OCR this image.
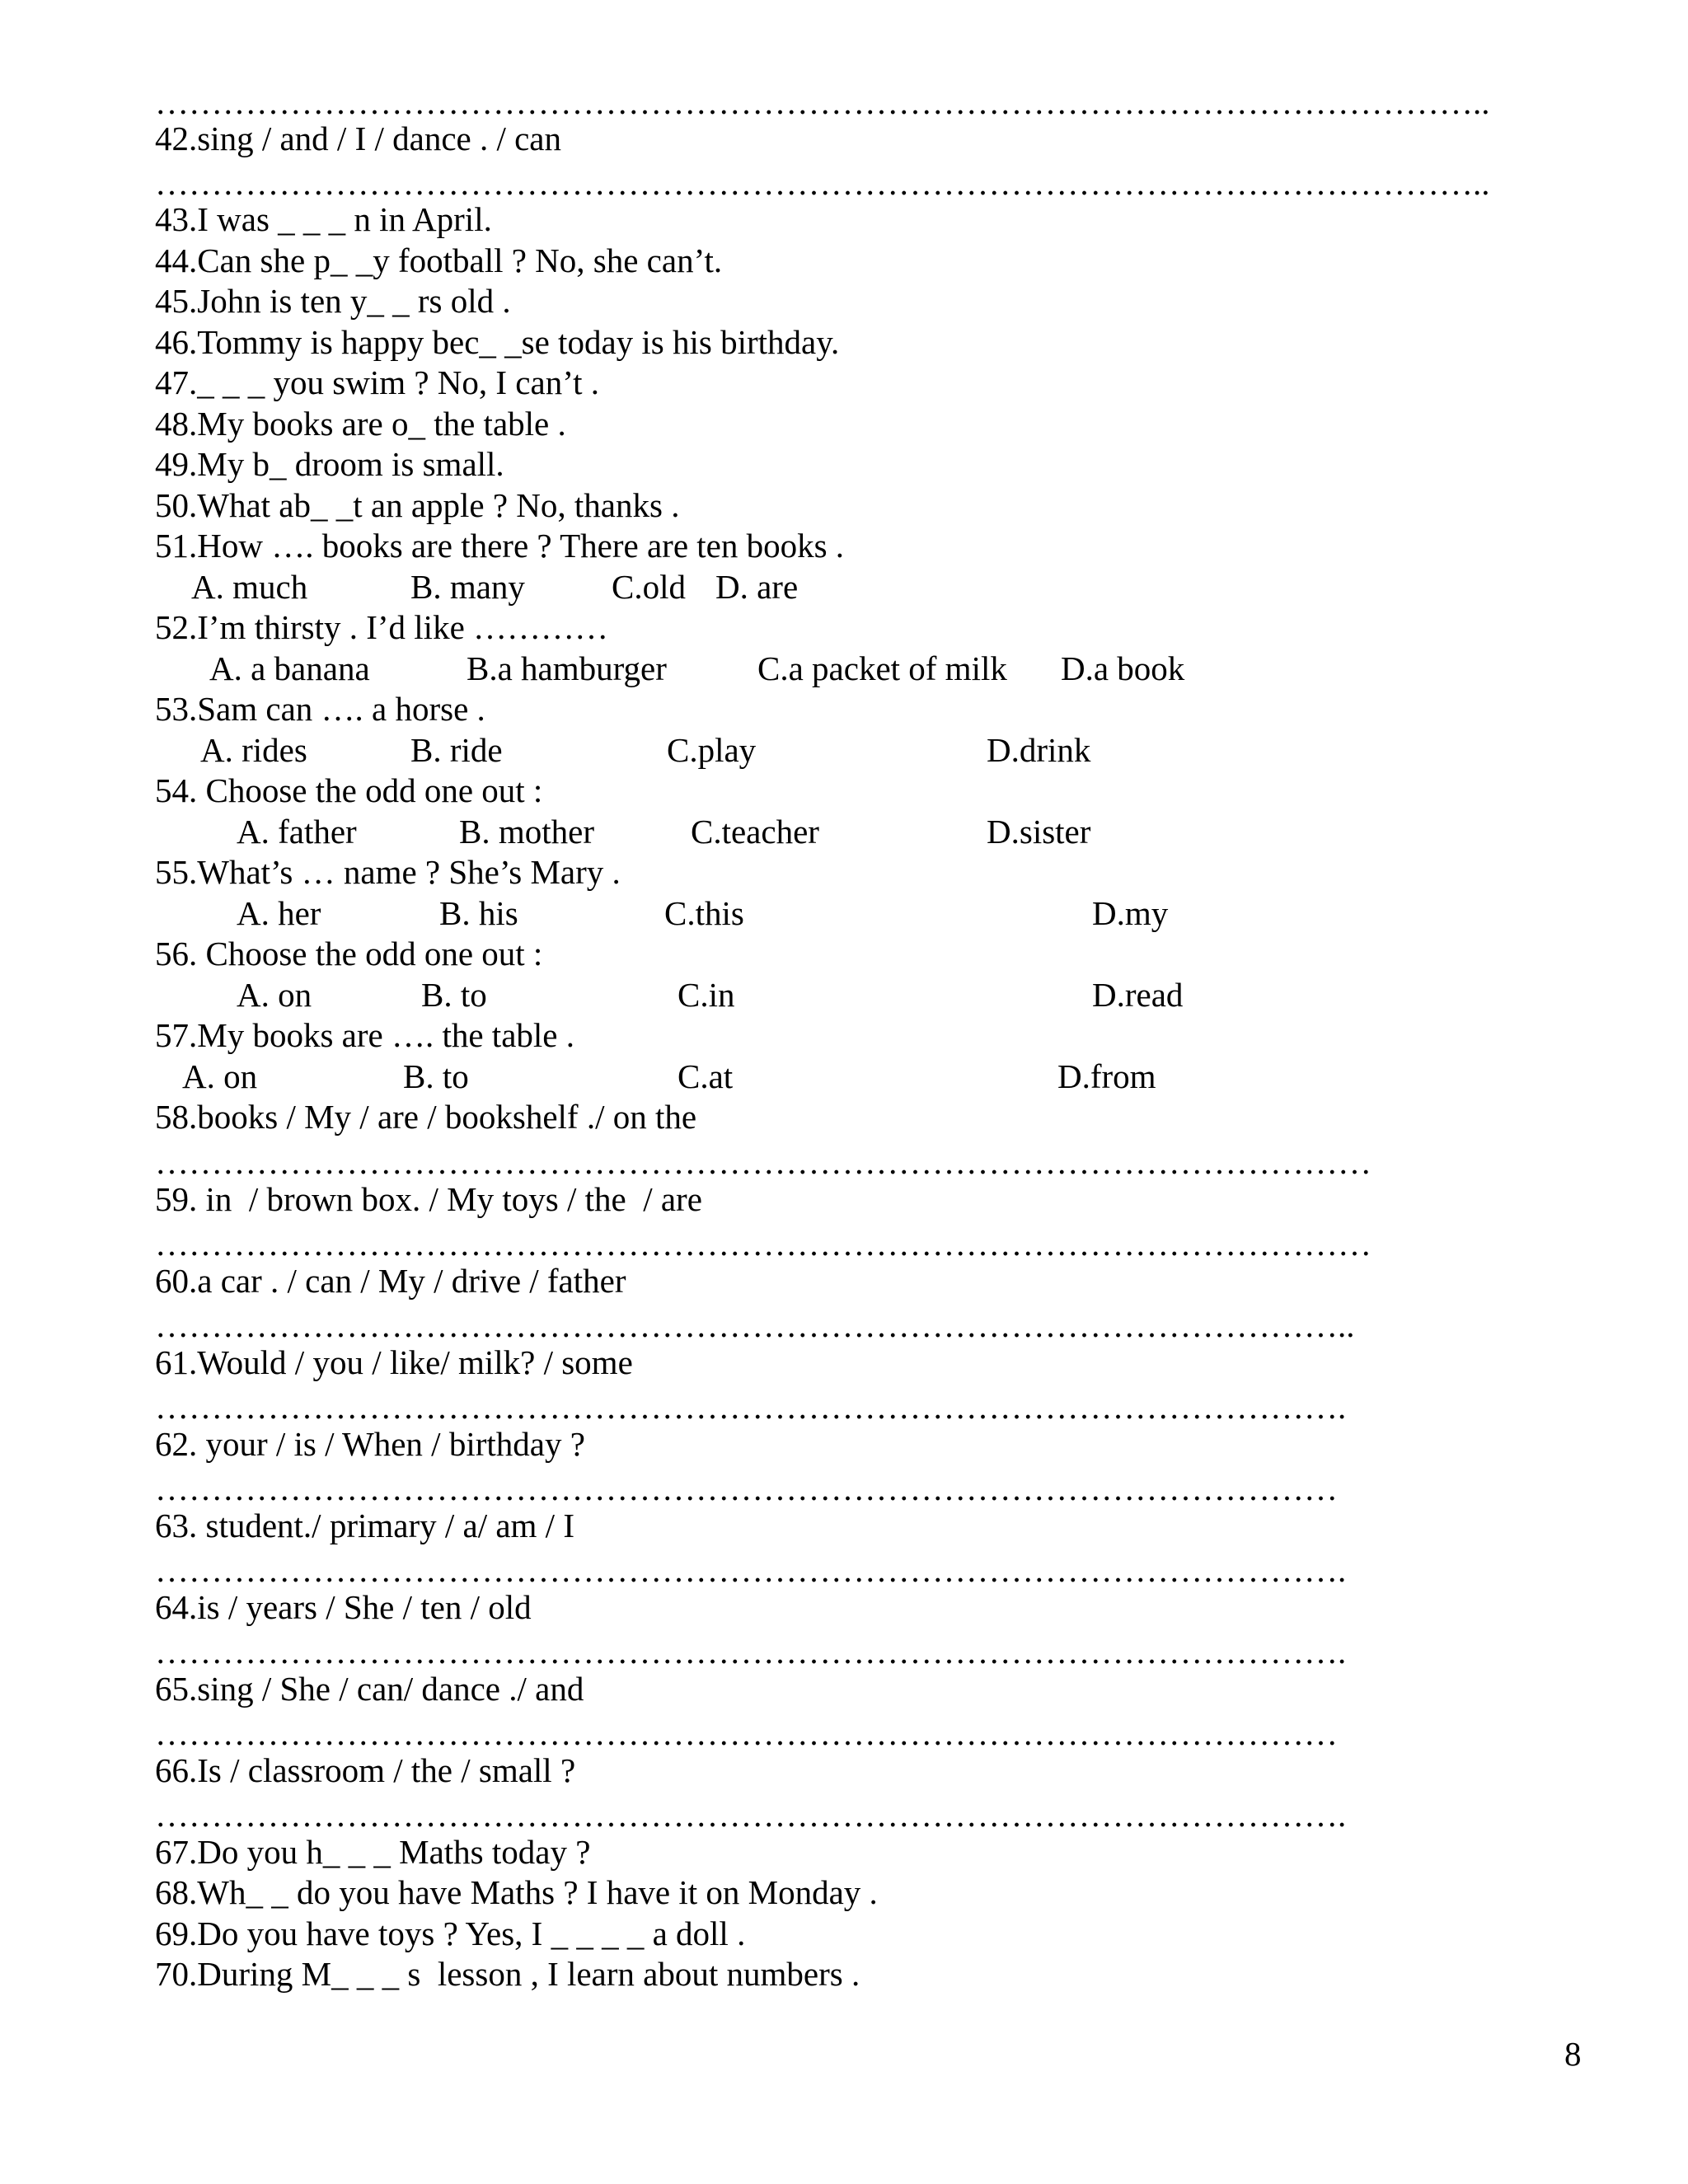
………………………………………………………………………………………………………..
42.sing / and / I / dance . / can
………………………………………………………………………………………………………..
43.I was _ _ _ n in April.
44.Can she p_ _y football ? No, she can’t.
45.John is ten y_ _ rs old .
46.Tommy is happy bec_ _se today is his birthday.
47._ _ _ you swim ? No, I can’t .
48.My books are o_ the table .
49.My b_ droom is small.
50.What ab_ _t an apple ? No, thanks .
51.How …. books are there ? There are ten books .
A. much	B. many	C.old D. are
52.I’m thirsty . I’d like …………
A. a banana	B.a hamburger	C.a packet of milk D.a book
53.Sam can …. a horse .
A. rides	B. ride	C.play	D.drink
54. Choose the odd one out :
A. father	B. mother	C.teacher	D.sister
55.What’s … name ? She’s Mary .
A. her	B. his	C.this	D.my
56. Choose the odd one out :
A. on	B. to	C.in	D.read
57.My books are …. the table .
A. on	B. to	C.at	D.from
58.books / My / are / bookshelf ./ on the
………………………………………………………………………………………………
59. in  / brown box. / My toys / the  / are
………………………………………………………………………………………………
60.a car . / can / My / drive / father
……………………………………………………………………………………………..
61.Would / you / like/ milk? / some
…………………………………………………………………………………………….
62. your / is / When / birthday ?
……………………………………………………………………………………………
63. student./ primary / a/ am / I
…………………………………………………………………………………………….
64.is / years / She / ten / old
…………………………………………………………………………………………….
65.sing / She / can/ dance ./ and
……………………………………………………………………………………………
66.Is / classroom / the / small ?
…………………………………………………………………………………………….
67.Do you h_ _ _ Maths today ?
68.Wh_ _ do you have Maths ? I have it on Monday .
69.Do you have toys ? Yes, I _ _ _ _ a doll .
70.During M_ _ _ s  lesson , I learn about numbers .
8
